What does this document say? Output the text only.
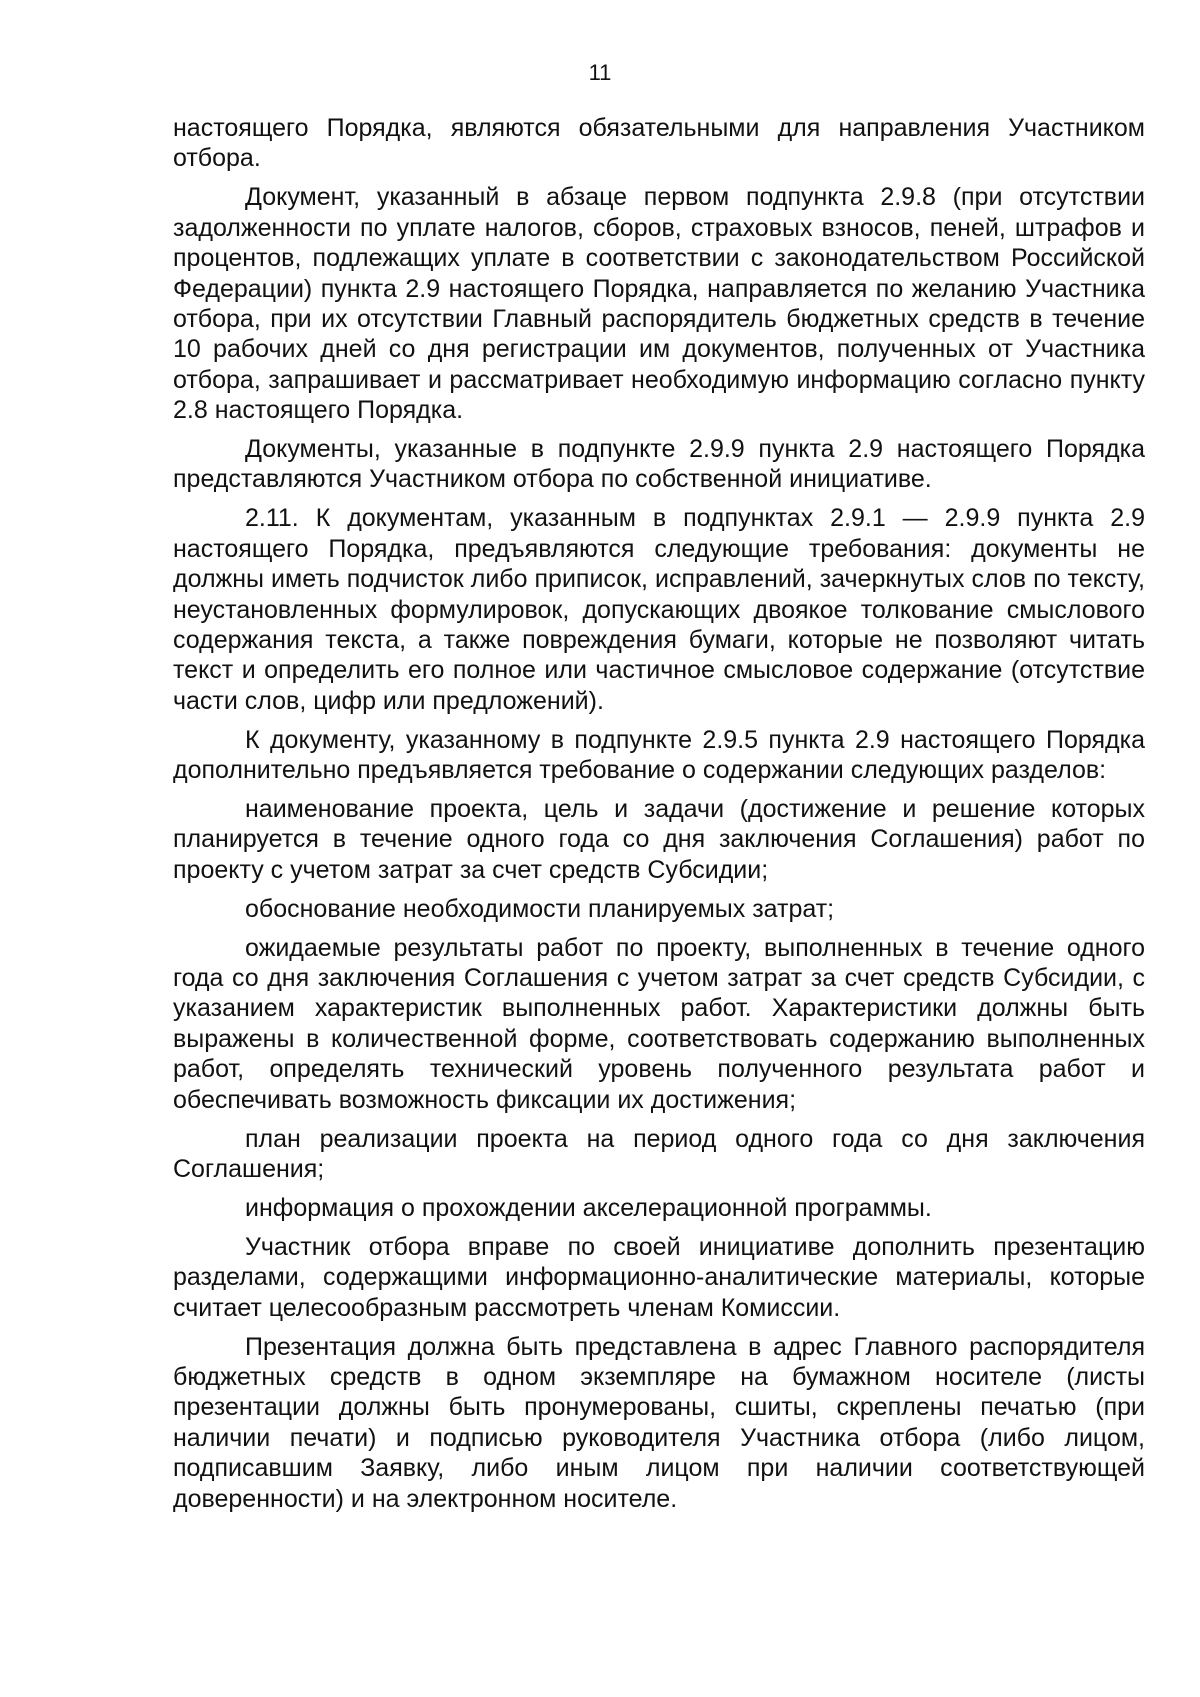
11

настоящего Порядка, являются обязательными для направления Участником отбора.

Документ, указанный в абзаце первом подпункта 2.9.8 (при отсутствии задолженности по уплате налогов, сборов, страховых взносов, пеней, штрафов и процентов, подлежащих уплате в соответствии с законодательством Российской Федерации) пункта 2.9 настоящего Порядка, направляется по желанию Участника отбора, при их отсутствии Главный распорядитель бюджетных средств в течение 10 рабочих дней со дня регистрации им документов, полученных от Участника отбора, запрашивает и рассматривает необходимую информацию согласно пункту 2.8 настоящего Порядка.

Документы, указанные в подпункте 2.9.9 пункта 2.9 настоящего Порядка представляются Участником отбора по собственной инициативе.

2.11. К документам, указанным в подпунктах 2.9.1 — 2.9.9 пункта 2.9 настоящего Порядка, предъявляются следующие требования: документы не должны иметь подчисток либо приписок, исправлений, зачеркнутых слов по тексту, неустановленных формулировок, допускающих двоякое толкование смыслового содержания текста, а также повреждения бумаги, которые не позволяют читать текст и определить его полное или частичное смысловое содержание (отсутствие части слов, цифр или предложений).

К документу, указанному в подпункте 2.9.5 пункта 2.9 настоящего Порядка дополнительно предъявляется требование о содержании следующих разделов:

наименование проекта, цель и задачи (достижение и решение которых планируется в течение одного года со дня заключения Соглашения) работ по проекту с учетом затрат за счет средств Субсидии;

обоснование необходимости планируемых затрат;

ожидаемые результаты работ по проекту, выполненных в течение одного года со дня заключения Соглашения с учетом затрат за счет средств Субсидии, с указанием характеристик выполненных работ. Характеристики должны быть выражены в количественной форме, соответствовать содержанию выполненных работ, определять технический уровень полученного результата работ и обеспечивать возможность фиксации их достижения;

план реализации проекта на период одного года со дня заключения Соглашения;

информация о прохождении акселерационной программы.

Участник отбора вправе по своей инициативе дополнить презентацию разделами, содержащими информационно-аналитические материалы, которые считает целесообразным рассмотреть членам Комиссии.

Презентация должна быть представлена в адрес Главного распорядителя бюджетных средств в одном экземпляре на бумажном носителе (листы презентации должны быть пронумерованы, сшиты, скреплены печатью (при наличии печати) и подписью руководителя Участника отбора (либо лицом, подписавшим Заявку, либо иным лицом при наличии соответствующей доверенности) и на электронном носителе.
